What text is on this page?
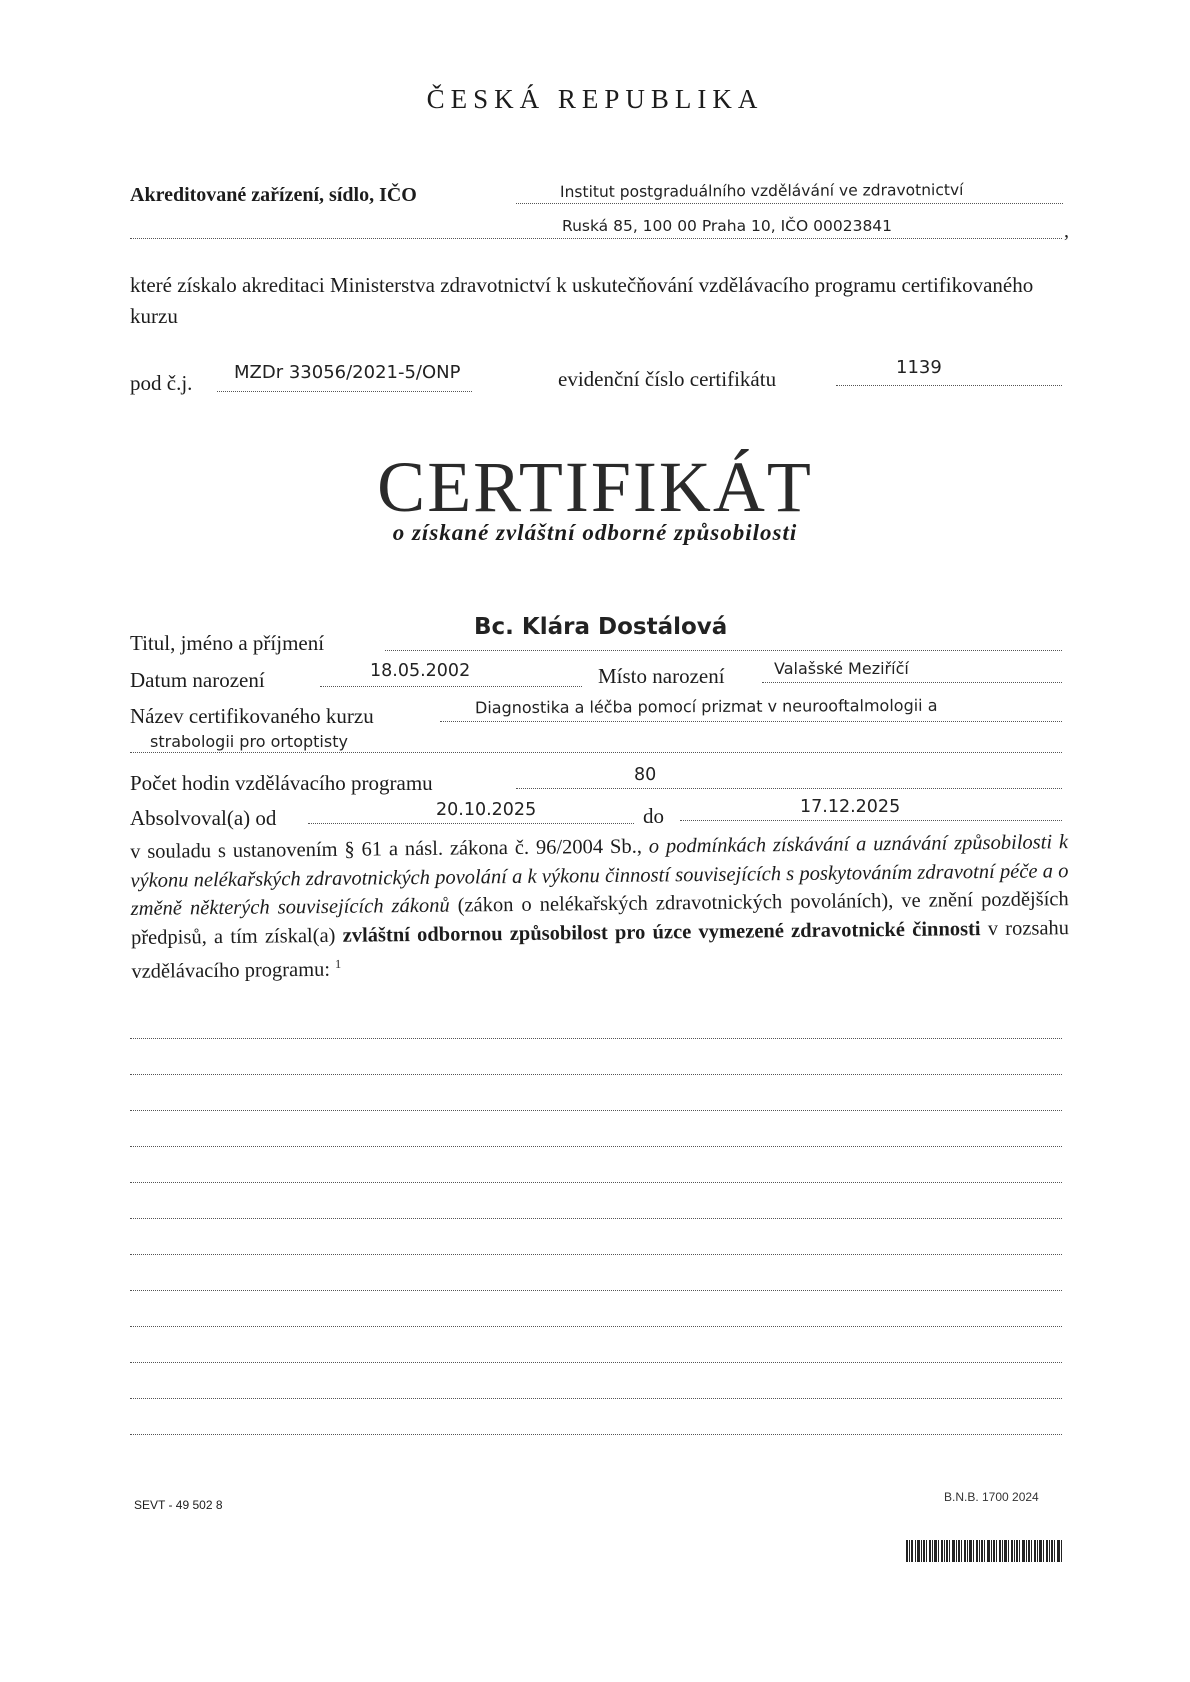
ČESKÁ REPUBLIKA
Akreditované zařízení, sídlo, IČO	Institut postgraduálního vzdělávání ve zdravotnictví
Ruská 85, 100 00 Praha 10, IČO 00023841	,
které získalo akreditaci Ministerstva zdravotnictví k uskutečňování vzdělávacího programu certifikovaného kurzu
pod č.j. MZDr 33056/2021-5/ONP	evidenční číslo certifikátu	1139
CERTIFIKÁT
o získané zvláštní odborné způsobilosti
Titul, jméno a příjmení
Bc. Klára Dostálová
Datum narození	18.05.2002	Místo narození	Valašské Meziříčí
Název certifikovaného kurzu	Diagnostika a léčba pomocí prizmat v neurooftalmologii a
strabologii pro ortoptisty
Počet hodin vzdělávacího programu	80
Absolvoval(a) od	20.10.2025	do	17.12.2025
v souladu s ustanovením § 61 a násl. zákona č. 96/2004 Sb., o podmínkách získávání a uznávání způsobilosti k výkonu nelékařských zdravotnických povolání a k výkonu činností souvisejících s poskytováním zdravotní péče a o změně některých souvisejících zákonů (zákon o nelékařských zdravotnických povoláních), ve znění pozdějších předpisů, a tím získal(a) zvláštní odbornou způsobilost pro úzce vymezené zdravotnické činnosti v rozsahu vzdělávacího programu: $^1$
SEVT - 49 502 8
B.N.B. 1700 2024
